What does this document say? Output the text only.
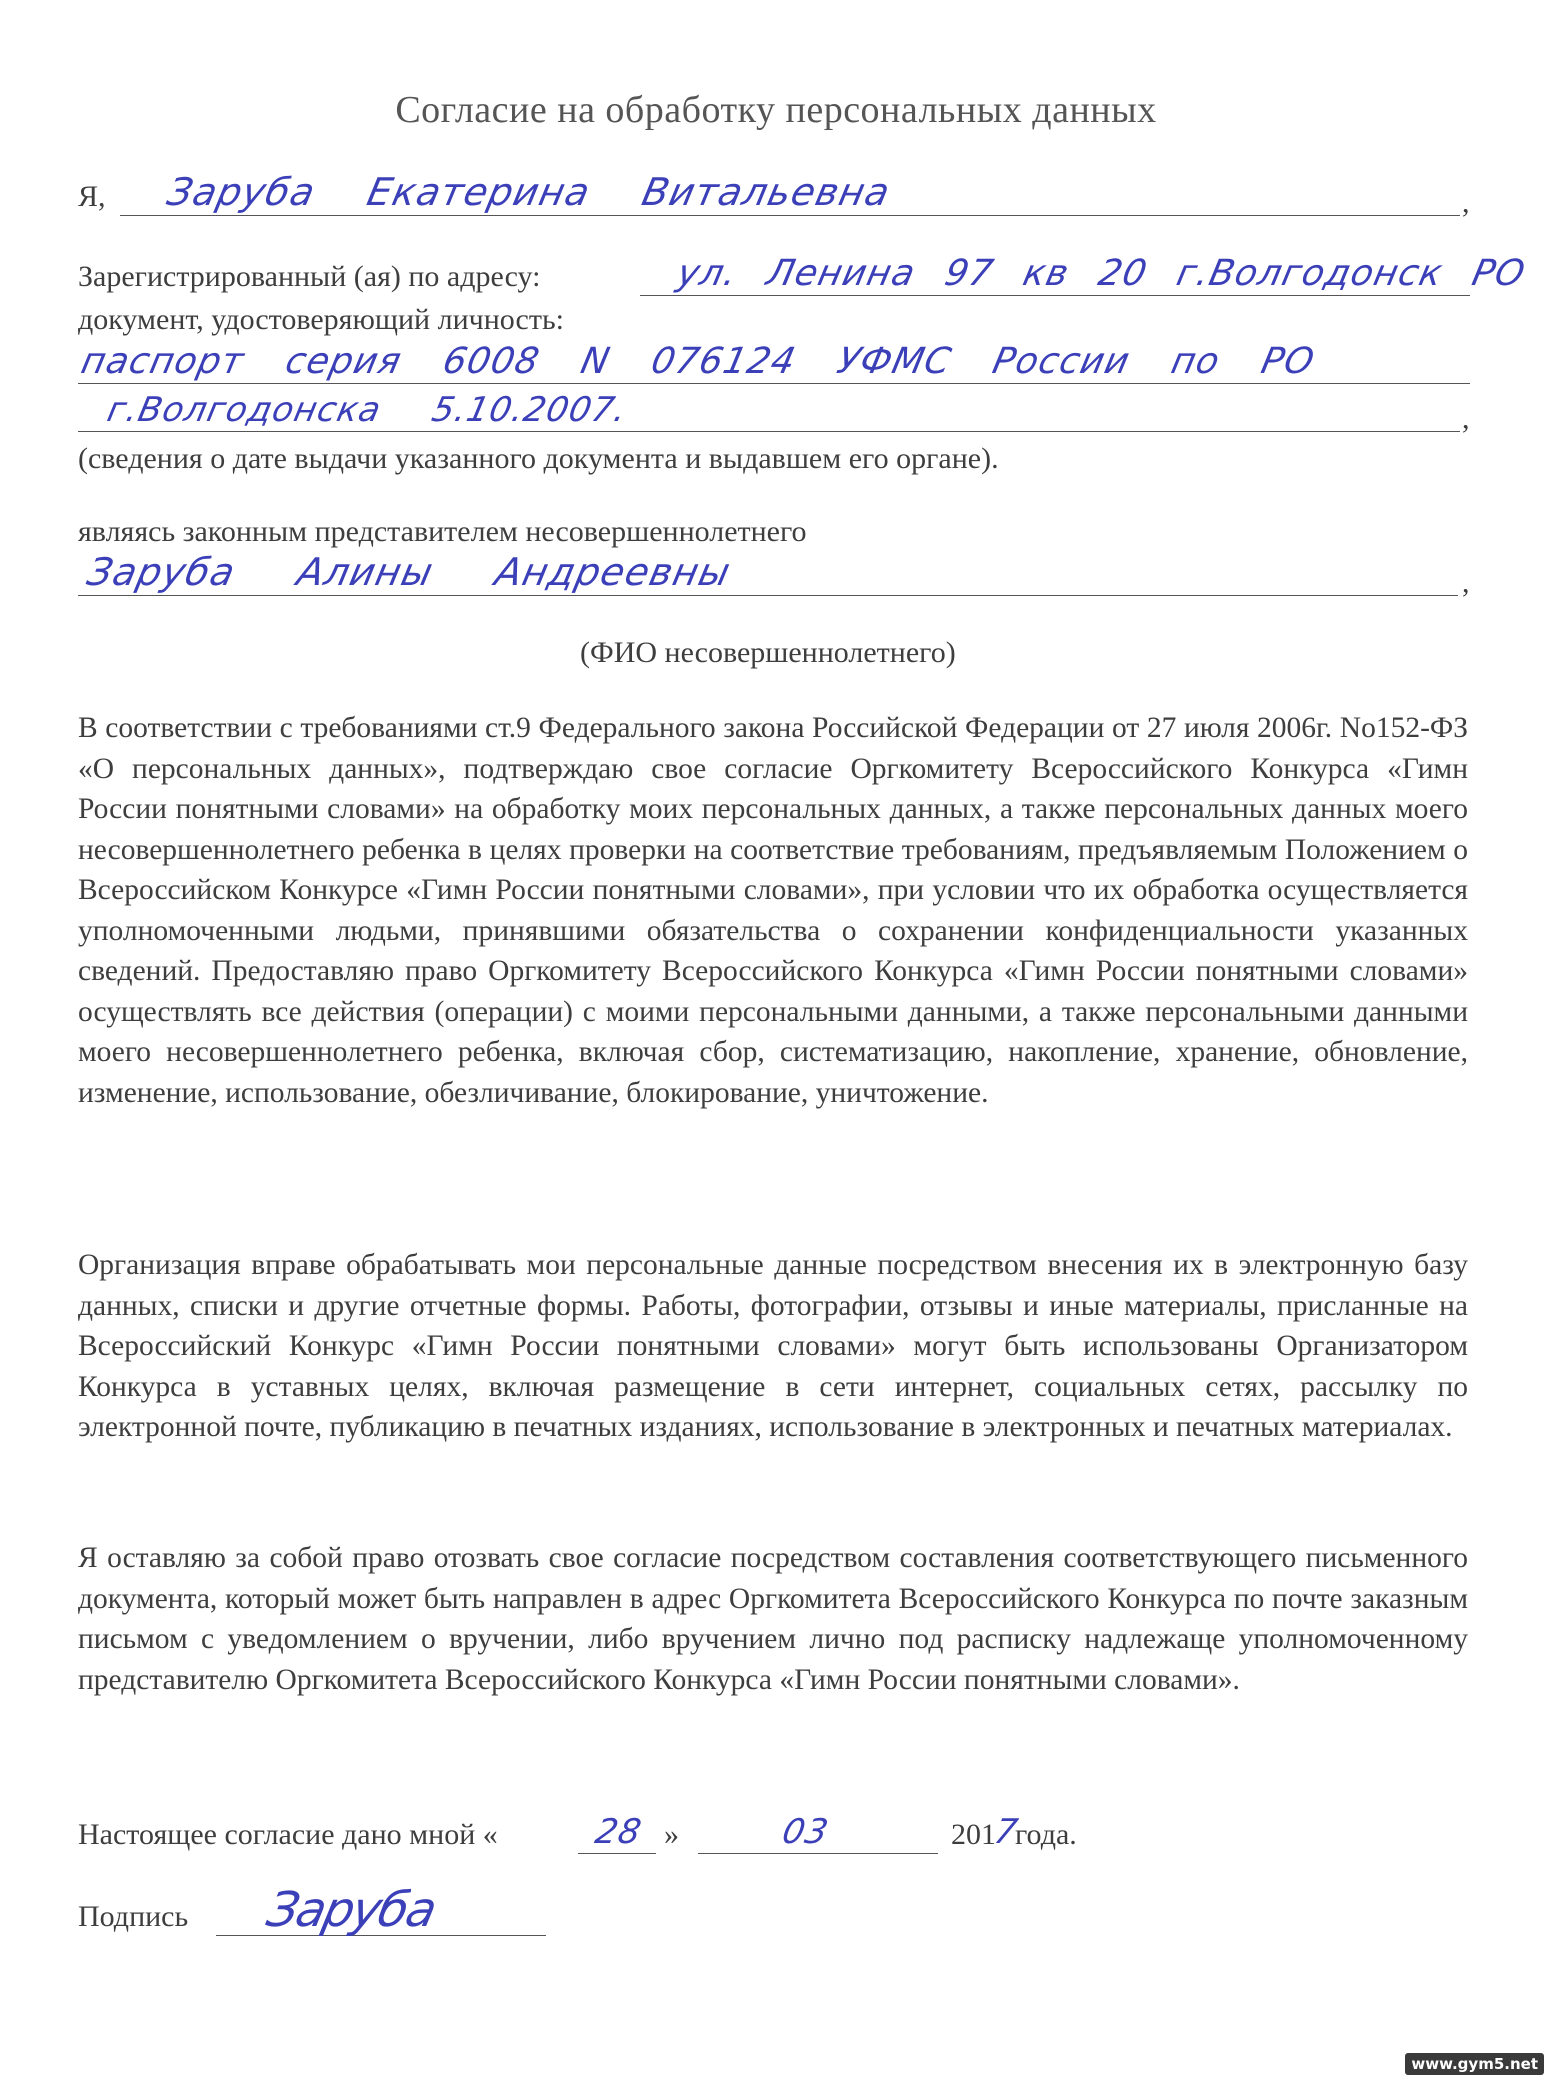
Согласие на обработку персональных данных
Я, Заруба Екатерина Витальевна	,
Зарегистрированный (ая) по адресу:	ул. Ленина 97 кв 20 г.Волгодонск РО
документ, удостоверяющий личность:
паспорт серия 6008 N 076124 УФМС России по РО
г.Волгодонска 5.10.2007.	,
(сведения о дате выдачи указанного документа и выдавшем его органе).
являясь законным представителем несовершеннолетнего
Заруба Алины Андреевны	,
(ФИО несовершеннолетнего)
В соответствии с требованиями ст.9 Федерального закона Российской Федерации от 27 июля 2006г. No152-ФЗ «О персональных данных», подтверждаю свое согласие Оргкомитету Всероссийского Конкурса «Гимн России понятными словами» на обработку моих персональных данных, а также персональных данных моего несовершеннолетнего ребенка в целях проверки на соответствие требованиям, предъявляемым Положением о Всероссийском Конкурсе «Гимн России понятными словами», при условии что их обработка осуществляется уполномоченными людьми, принявшими обязательства о сохранении конфиденциальности указанных сведений. Предоставляю право Оргкомитету Всероссийского Конкурса «Гимн России понятными словами» осуществлять все действия (операции) с моими персональными данными, а также персональными данными моего несовершеннолетнего ребенка, включая сбор, систематизацию, накопление, хранение, обновление, изменение, использование, обезличивание, блокирование, уничтожение.
Организация вправе обрабатывать мои персональные данные посредством внесения их в электронную базу данных, списки и другие отчетные формы. Работы, фотографии, отзывы и иные материалы, присланные на Всероссийский Конкурс «Гимн России понятными словами» могут быть использованы Организатором Конкурса в уставных целях, включая размещение в сети интернет, социальных сетях, рассылку по электронной почте, публикацию в печатных изданиях, использование в электронных и печатных материалах.
Я оставляю за собой право отозвать свое согласие посредством составления соответствующего письменного документа, который может быть направлен в адрес Оргкомитета Всероссийского Конкурса по почте заказным письмом с уведомлением о вручении, либо вручением лично под расписку надлежаще уполномоченному представителю Оргкомитета Всероссийского Конкурса «Гимн России понятными словами».
Настоящее согласие дано мной «	28 »	03	201
7
года.
Подпись Заруба
www.gym5.net
